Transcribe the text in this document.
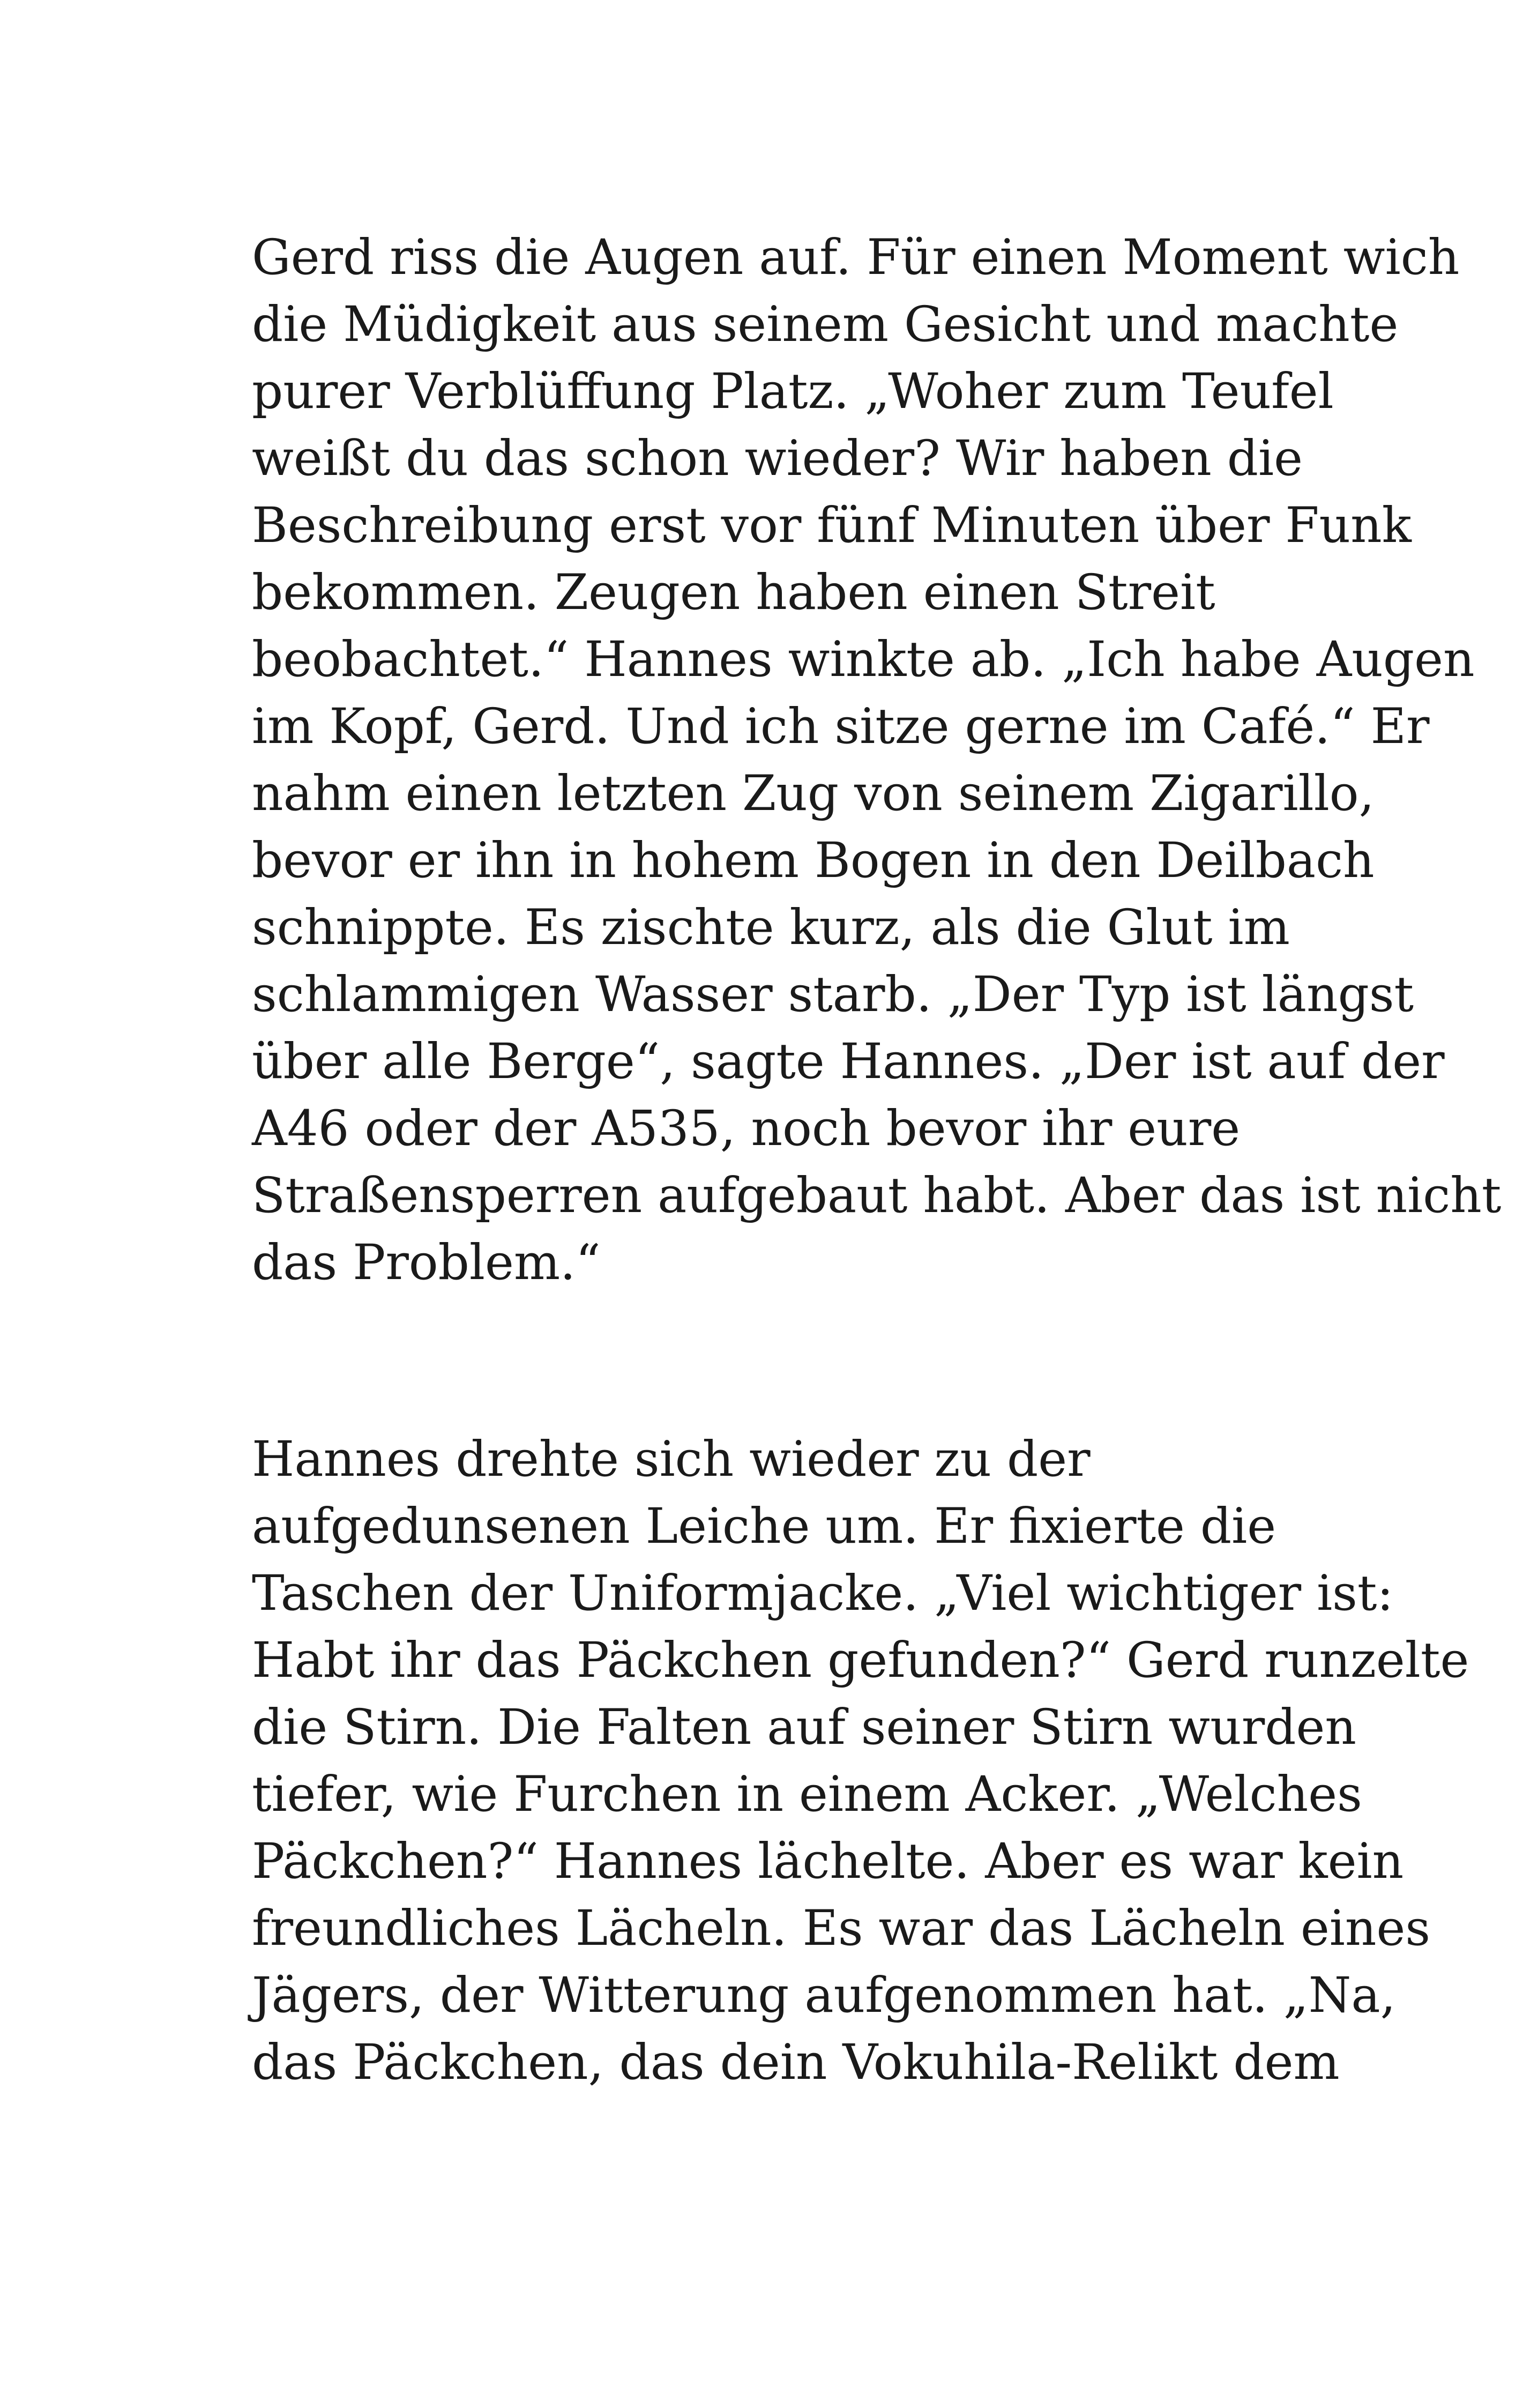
Gerd riss die Augen auf. Für einen Moment wich
die Müdigkeit aus seinem Gesicht und machte
purer Verblüffung Platz. „Woher zum Teufel
weißt du das schon wieder? Wir haben die
Beschreibung erst vor fünf Minuten über Funk
bekommen. Zeugen haben einen Streit
beobachtet.“ Hannes winkte ab. „Ich habe Augen
im Kopf, Gerd. Und ich sitze gerne im Café.“ Er
nahm einen letzten Zug von seinem Zigarillo,
bevor er ihn in hohem Bogen in den Deilbach
schnippte. Es zischte kurz, als die Glut im
schlammigen Wasser starb. „Der Typ ist längst
über alle Berge“, sagte Hannes. „Der ist auf der
A46 oder der A535, noch bevor ihr eure
Straßensperren aufgebaut habt. Aber das ist nicht
das Problem.“
Hannes drehte sich wieder zu der
aufgedunsenen Leiche um. Er fixierte die
Taschen der Uniformjacke. „Viel wichtiger ist:
Habt ihr das Päckchen gefunden?“ Gerd runzelte
die Stirn. Die Falten auf seiner Stirn wurden
tiefer, wie Furchen in einem Acker. „Welches
Päckchen?“ Hannes lächelte. Aber es war kein
freundliches Lächeln. Es war das Lächeln eines
Jägers, der Witterung aufgenommen hat. „Na,
das Päckchen, das dein Vokuhila-Relikt dem
